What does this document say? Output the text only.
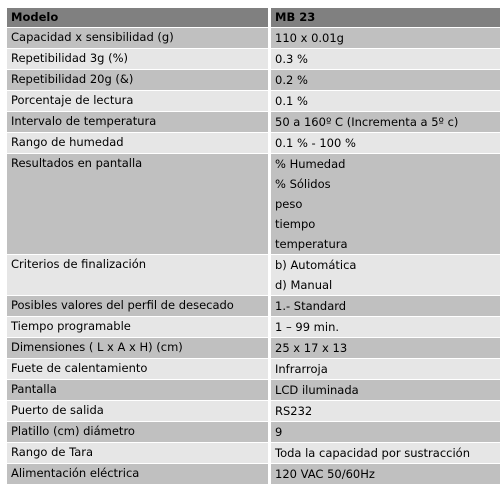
Modelo	MB 23
Capacidad x sensibilidad (g)	110 x 0.01g

Repetibilidad 3g (%)	0.3 %

Repetibilidad 20g (&)	0.2 %

Porcentaje de lectura	0.1 %

Intervalo de temperatura	50 a 160º C (Incrementa a 5º c)

Rango de humedad	0.1 % - 100 %

Resultados en pantalla	% Humedad
% Sólidos
peso
tiempo
temperatura

Criterios de finalización	b) Automática
d) Manual

Posibles valores del perfil de desecado	1.- Standard

Tiempo programable	1 – 99 min.

Dimensiones ( L x A x H) (cm)	25 x 17 x 13

Fuete de calentamiento	Infrarroja

Pantalla	LCD iluminada

Puerto de salida	RS232

Platillo (cm) diámetro	9

Rango de Tara	Toda la capacidad por sustracción

Alimentación eléctrica	120 VAC 50/60Hz
